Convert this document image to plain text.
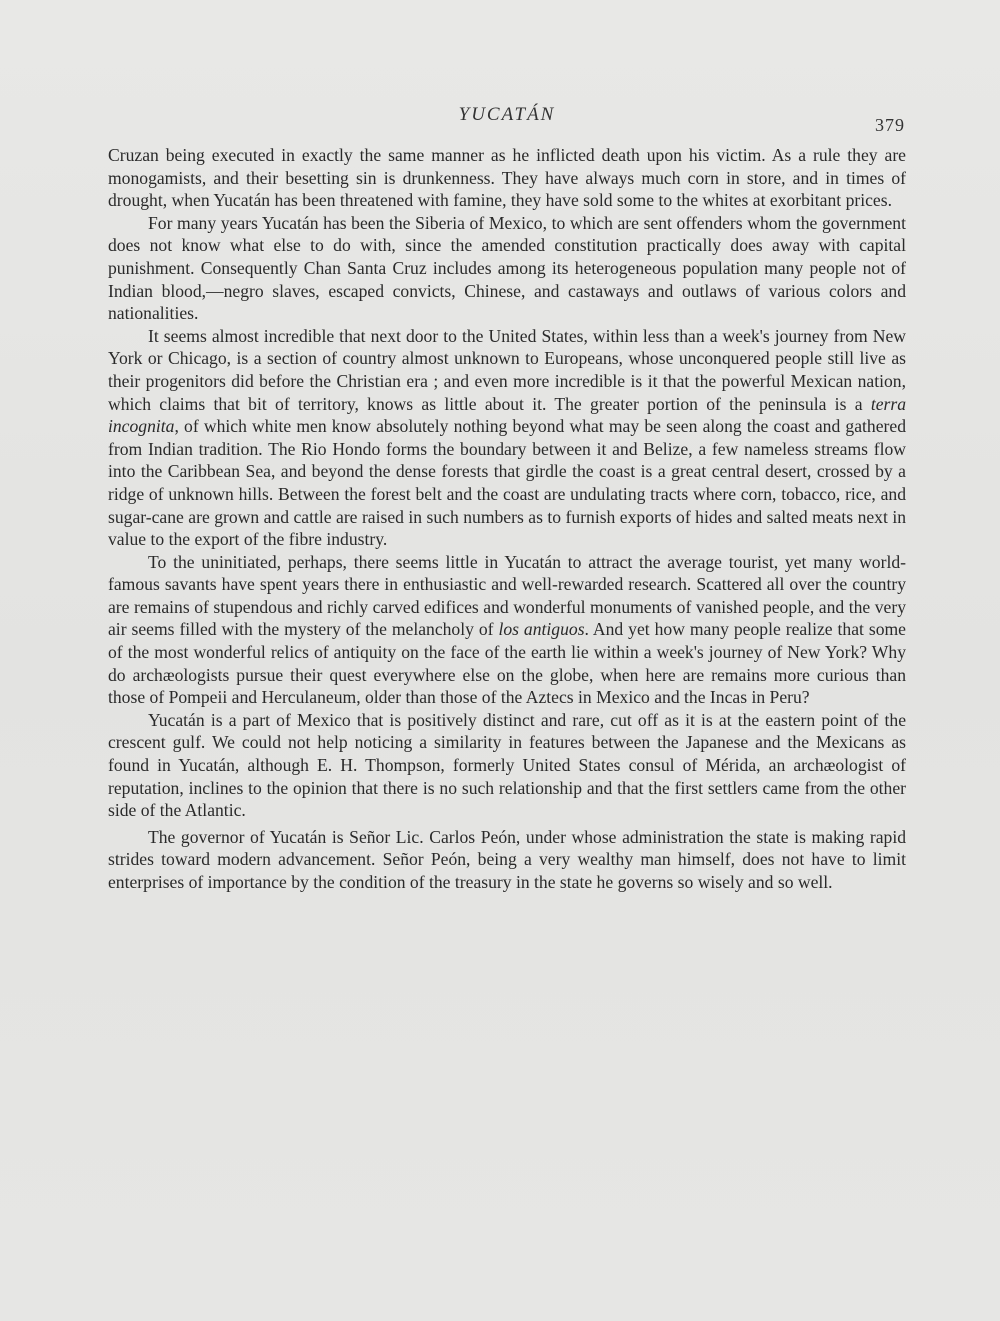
YUCATÁN	379

Cruzan being executed in exactly the same manner as he inflicted death upon his victim. As a rule they are monogamists, and their besetting sin is drunkenness. They have always much corn in store, and in times of drought, when Yucatán has been threatened with famine, they have sold some to the whites at exorbitant prices.

For many years Yucatán has been the Siberia of Mexico, to which are sent offenders whom the government does not know what else to do with, since the amended constitution practically does away with capital punishment. Consequently Chan Santa Cruz includes among its heterogeneous population many people not of Indian blood,—negro slaves, escaped convicts, Chinese, and castaways and outlaws of various colors and nationalities.

It seems almost incredible that next door to the United States, within less than a week's journey from New York or Chicago, is a section of country almost unknown to Europeans, whose unconquered people still live as their progenitors did before the Christian era ; and even more incredible is it that the powerful Mexican nation, which claims that bit of territory, knows as little about it. The greater portion of the peninsula is a terra incognita, of which white men know absolutely nothing beyond what may be seen along the coast and gathered from Indian tradition. The Rio Hondo forms the boundary between it and Belize, a few nameless streams flow into the Caribbean Sea, and beyond the dense forests that girdle the coast is a great central desert, crossed by a ridge of unknown hills. Between the forest belt and the coast are undulating tracts where corn, tobacco, rice, and sugar-cane are grown and cattle are raised in such numbers as to furnish exports of hides and salted meats next in value to the export of the fibre industry.

To the uninitiated, perhaps, there seems little in Yucatán to attract the average tourist, yet many world-famous savants have spent years there in enthusiastic and well-rewarded research. Scattered all over the country are remains of stupendous and richly carved edifices and wonderful monuments of vanished people, and the very air seems filled with the mystery of the melancholy of los antiguos. And yet how many people realize that some of the most wonderful relics of antiquity on the face of the earth lie within a week's journey of New York? Why do archæologists pursue their quest everywhere else on the globe, when here are remains more curious than those of Pompeii and Herculaneum, older than those of the Aztecs in Mexico and the Incas in Peru?

Yucatán is a part of Mexico that is positively distinct and rare, cut off as it is at the eastern point of the crescent gulf. We could not help noticing a similarity in features between the Japanese and the Mexicans as found in Yucatán, although E. H. Thompson, formerly United States consul of Mérida, an archæologist of reputation, inclines to the opinion that there is no such relationship and that the first settlers came from the other side of the Atlantic.

The governor of Yucatán is Señor Lic. Carlos Peón, under whose administration the state is making rapid strides toward modern advancement. Señor Peón, being a very wealthy man himself, does not have to limit enterprises of importance by the condition of the treasury in the state he governs so wisely and so well.
